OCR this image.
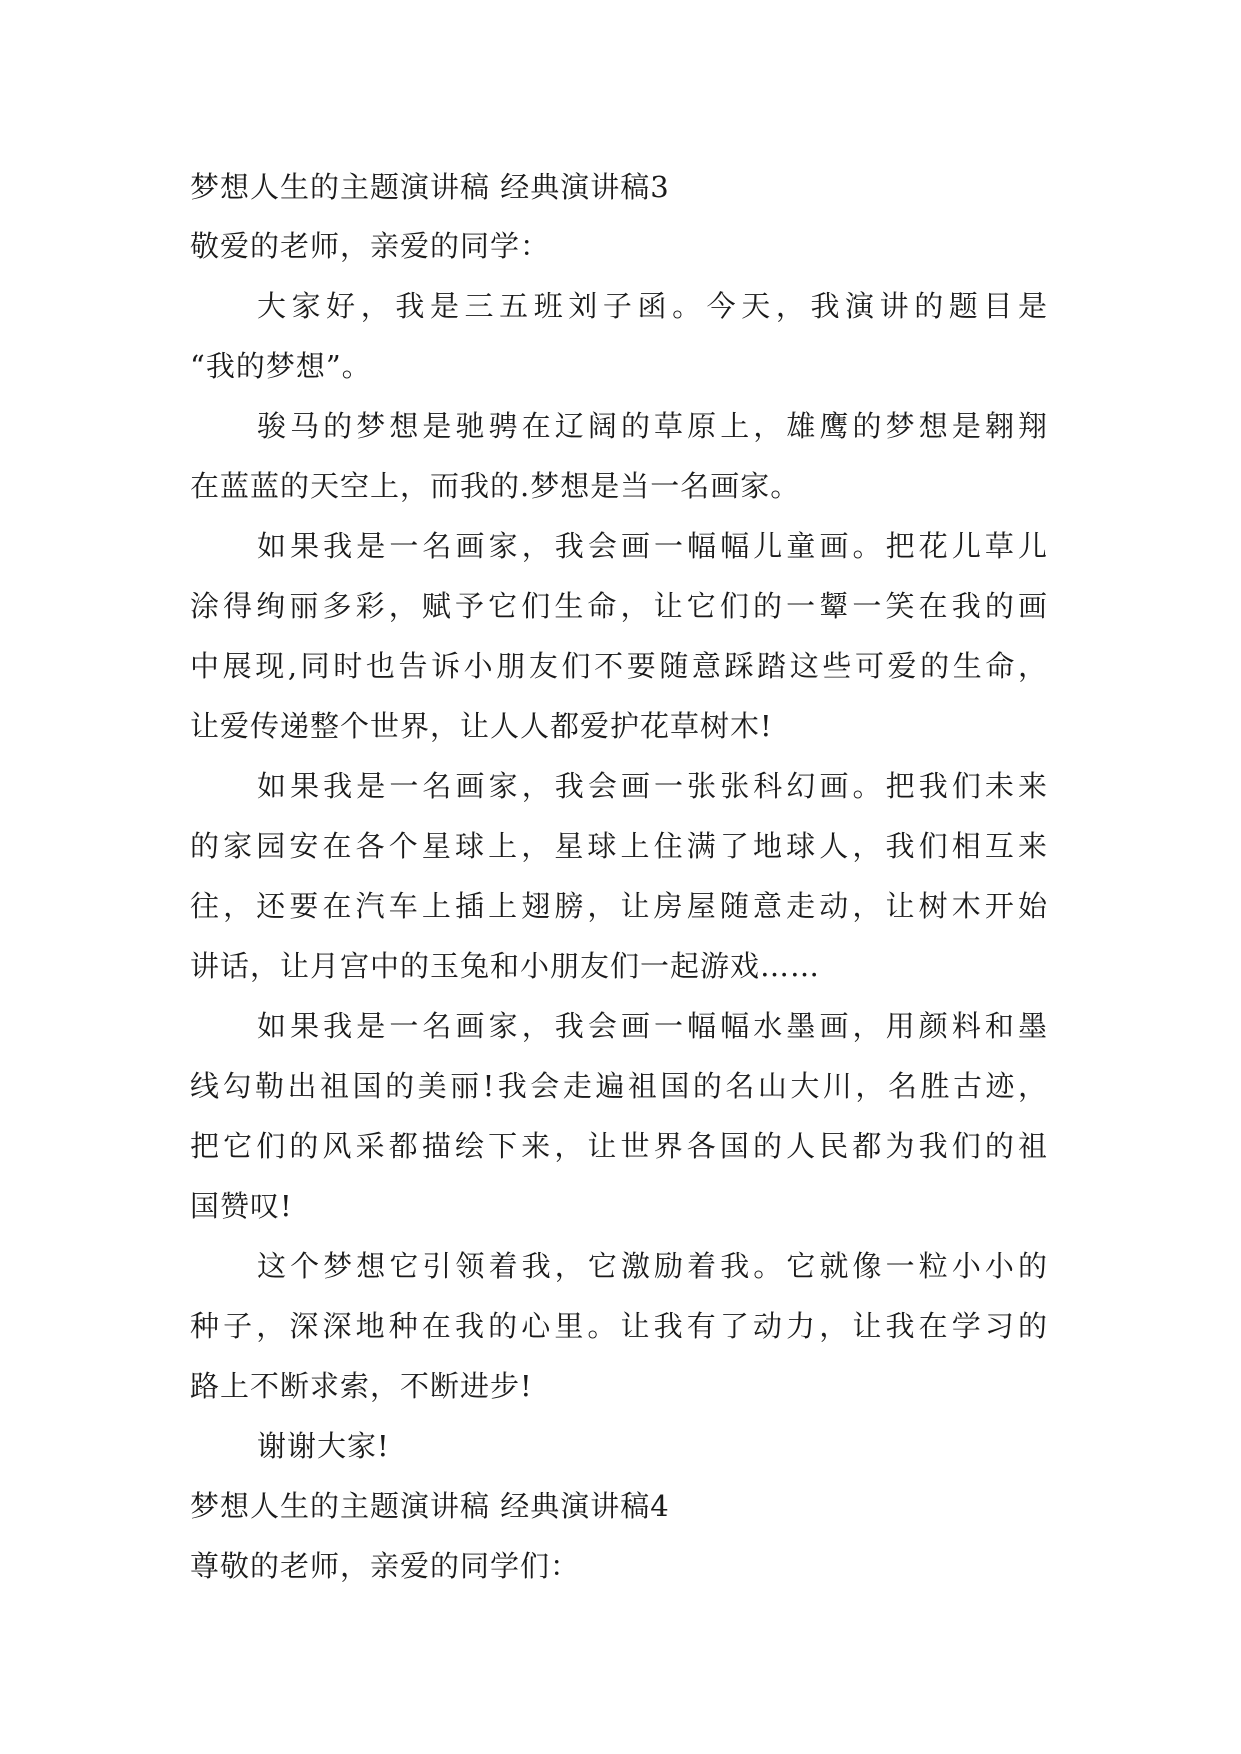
梦想人生的主题演讲稿 经典演讲稿3
敬爱的老师，亲爱的同学：
大家好，我是三五班刘子函。今天，我演讲的题目是
“我的梦想”。
骏马的梦想是驰骋在辽阔的草原上，雄鹰的梦想是翱翔
在蓝蓝的天空上，而我的.梦想是当一名画家。
如果我是一名画家，我会画一幅幅儿童画。把花儿草儿
涂得绚丽多彩，赋予它们生命，让它们的一颦一笑在我的画
中展现,同时也告诉小朋友们不要随意踩踏这些可爱的生命，
让爱传递整个世界，让人人都爱护花草树木!
如果我是一名画家，我会画一张张科幻画。把我们未来
的家园安在各个星球上，星球上住满了地球人，我们相互来
往，还要在汽车上插上翅膀，让房屋随意走动，让树木开始
讲话，让月宫中的玉兔和小朋友们一起游戏……
如果我是一名画家，我会画一幅幅水墨画，用颜料和墨
线勾勒出祖国的美丽!我会走遍祖国的名山大川，名胜古迹，
把它们的风采都描绘下来，让世界各国的人民都为我们的祖
国赞叹!
这个梦想它引领着我，它激励着我。它就像一粒小小的
种子，深深地种在我的心里。让我有了动力，让我在学习的
路上不断求索，不断进步!
谢谢大家!
梦想人生的主题演讲稿 经典演讲稿4
尊敬的老师，亲爱的同学们：
